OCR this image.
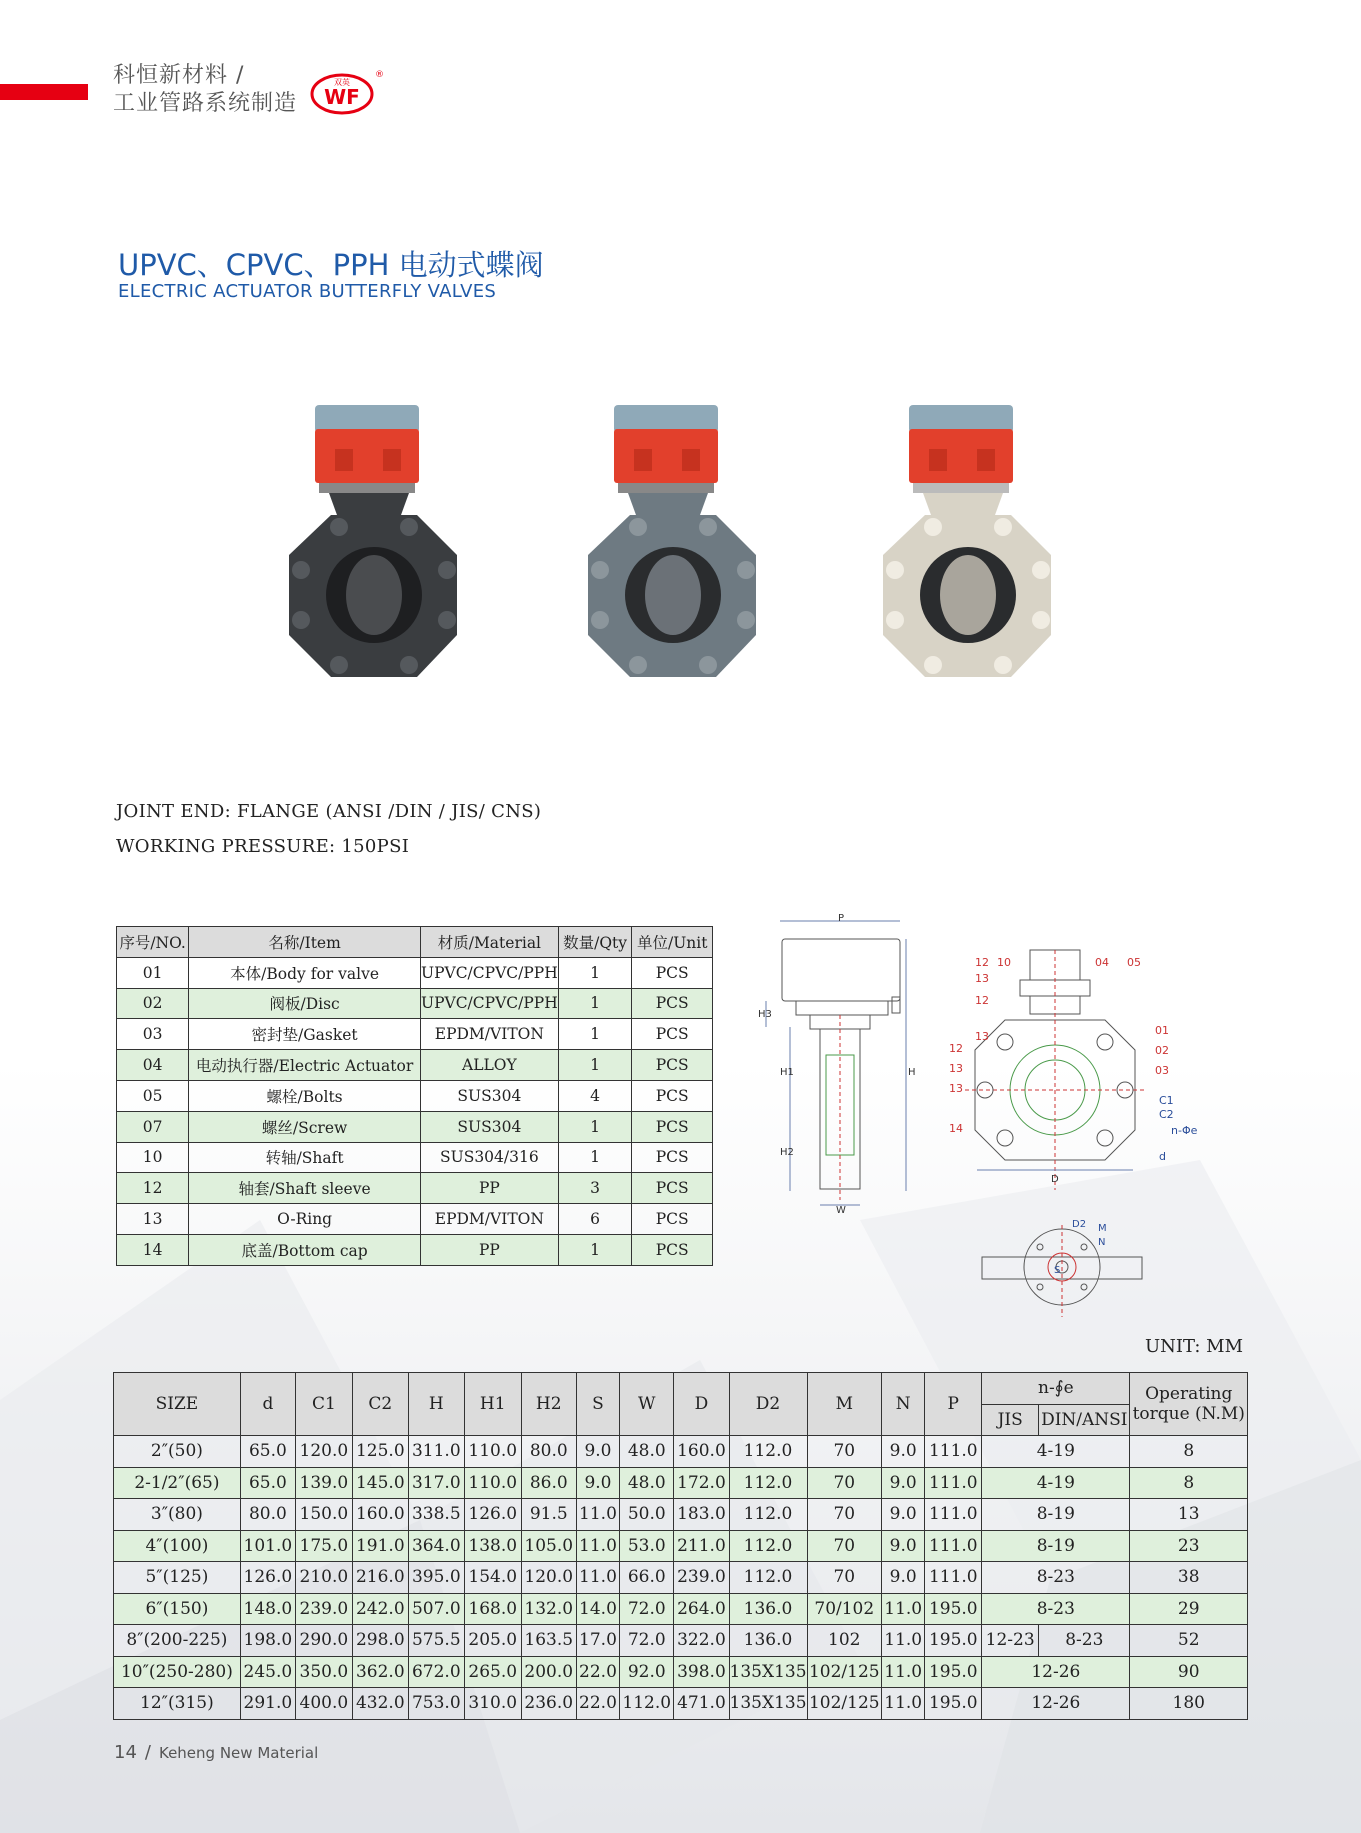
科恒新材料 /
工业管路系统制造
双英
WF
®
UPVC、CPVC、PPH 电动式蝶阀
ELECTRIC ACTUATOR BUTTERFLY VALVES
JOINT END: FLANGE (ANSI /DIN / JIS/ CNS)
WORKING PRESSURE: 150PSI
序号/NO.	名称/Item	材质/Material	数量/Qty	单位/Unit
01	本体/Body for valve	UPVC/CPVC/PPH	1	PCS
02	阀板/Disc	UPVC/CPVC/PPH	1	PCS
03	密封垫/Gasket	EPDM/VITON	1	PCS
04	电动执行器/Electric Actuator	ALLOY	1	PCS
05	螺栓/Bolts	SUS304	4	PCS
07	螺丝/Screw	SUS304	1	PCS
10	转轴/Shaft	SUS304/316	1	PCS
12	轴套/Shaft sleeve	PP	3	PCS
13	O-Ring	EPDM/VITON	6	PCS
14	底盖/Bottom cap	PP	1	PCS
P
H3
H1
H2
H
W
D
12 10
13
12
13
12
13
13
14
04 05
01
02
03
C1
C2
n-Φe
d
D2 M
N
S
UNIT: MM
SIZE	d	C1	C2	H	H1	H2	S	W	D	D2	M	N	P	n-∮e		Operating
torque (N.M)

														JIS	DIN/ANSI	
2″(50)	65.0	120.0	125.0	311.0	110.0	80.0	9.0	48.0	160.0	112.0	70	9.0	111.0	4-19		8
2-1/2″(65)	65.0	139.0	145.0	317.0	110.0	86.0	9.0	48.0	172.0	112.0	70	9.0	111.0	4-19		8
3″(80)	80.0	150.0	160.0	338.5	126.0	91.5	11.0	50.0	183.0	112.0	70	9.0	111.0	8-19		13
4″(100)	101.0	175.0	191.0	364.0	138.0	105.0	11.0	53.0	211.0	112.0	70	9.0	111.0	8-19		23
5″(125)	126.0	210.0	216.0	395.0	154.0	120.0	11.0	66.0	239.0	112.0	70	9.0	111.0	8-23		38
6″(150)	148.0	239.0	242.0	507.0	168.0	132.0	14.0	72.0	264.0	136.0	70/102	11.0	195.0	8-23		29
8″(200-225)	198.0	290.0	298.0	575.5	205.0	163.5	17.0	72.0	322.0	136.0	102	11.0	195.0	12-23	8-23	52
10″(250-280)	245.0	350.0	362.0	672.0	265.0	200.0	22.0	92.0	398.0	135X135	102/125	11.0	195.0	12-26		90
12″(315)	291.0	400.0	432.0	753.0	310.0	236.0	22.0	112.0	471.0	135X135	102/125	11.0	195.0	12-26		180
14 / Keheng New Material
